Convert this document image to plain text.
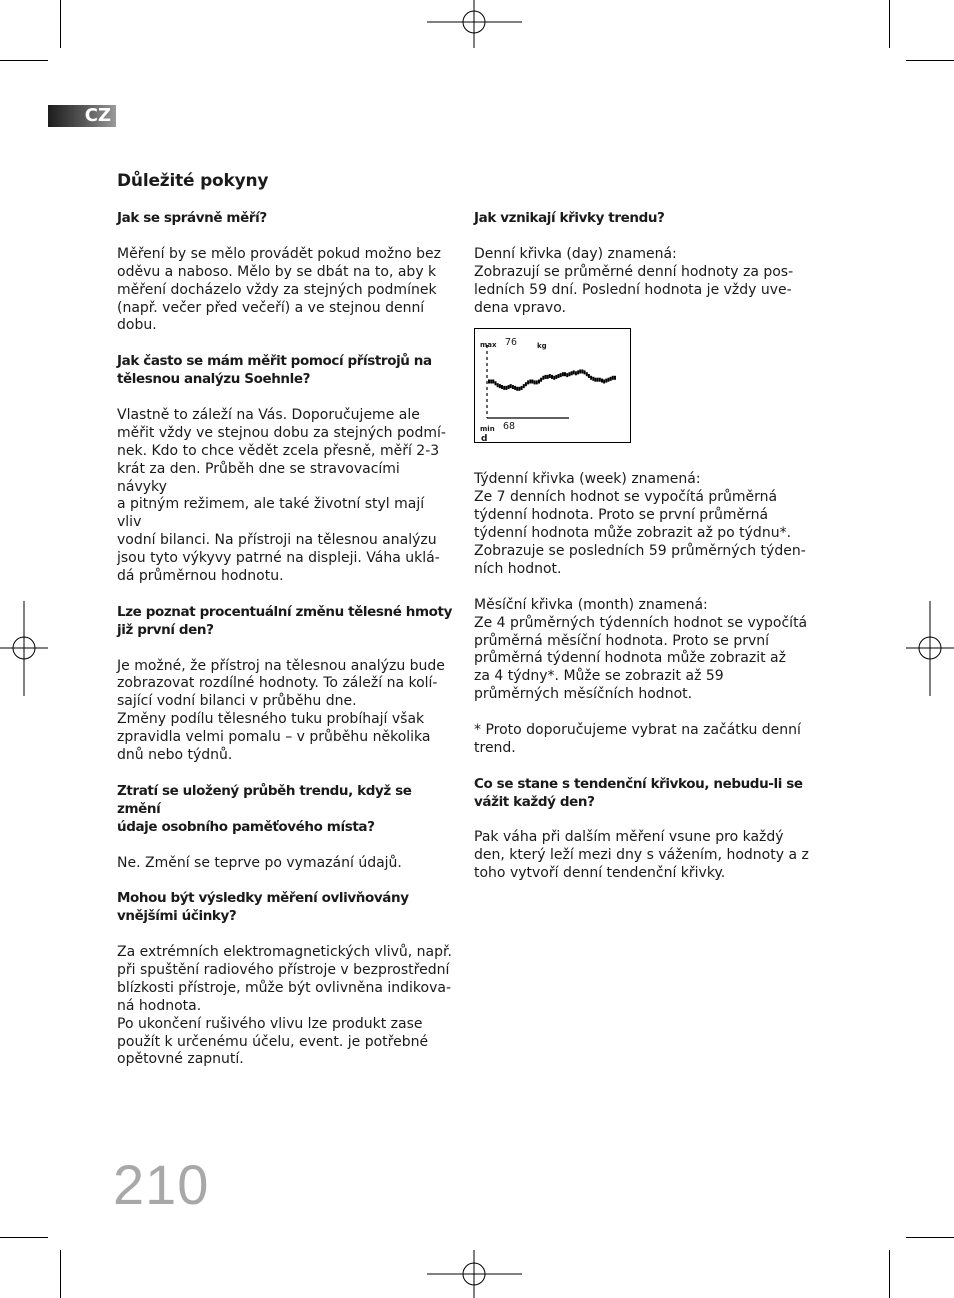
CZ
Důležité pokyny

Jak se správně měří?

Měření by se mělo provádět pokud možno bez
oděvu a naboso. Mělo by se dbát na to, aby k
měření docházelo vždy za stejných podmínek
(např. večer před večeří) a ve stejnou denní
dobu.

Jak často se mám měřit pomocí přístrojů na
tělesnou analýzu Soehnle?

Vlastně to záleží na Vás. Doporučujeme ale
měřit vždy ve stejnou dobu za stejných podmí-
nek. Kdo to chce vědět zcela přesně, měří 2-3
krát za den. Průběh dne se stravovacími návyky
a pitným režimem, ale také životní styl mají vliv
vodní bilanci. Na přístroji na tělesnou analýzu
jsou tyto výkyvy patrné na displeji. Váha uklá-
dá průměrnou hodnotu.

Lze poznat procentuální změnu tělesné hmoty
již první den?

Je možné, že přístroj na tělesnou analýzu bude
zobrazovat rozdílné hodnoty. To záleží na kolí-
sající vodní bilanci v průběhu dne.
Změny podílu tělesného tuku probíhají však
zpravidla velmi pomalu – v průběhu několika
dnů nebo týdnů.

Ztratí se uložený průběh trendu, když se změní
údaje osobního paměťového místa?

Ne. Změní se teprve po vymazání údajů.

Mohou být výsledky měření ovlivňovány
vnějšími účinky?

Za extrémních elektromagnetických vlivů, např.
při spuštění radiového přístroje v bezprostřední
blízkosti přístroje, může být ovlivněna indikova-
ná hodnota.
Po ukončení rušivého vlivu lze produkt zase
použít k určenému účelu, event. je potřebné
opětovné zapnutí.

Jak vznikají křivky trendu?

Denní křivka (day) znamená:
Zobrazují se průměrné denní hodnoty za pos-
ledních 59 dní. Poslední hodnota je vždy uve-
dena vpravo.

max 76	kg
min 68
d

Týdenní křivka (week) znamená:
Ze 7 denních hodnot se vypočítá průměrná
týdenní hodnota. Proto se první průměrná
týdenní hodnota může zobrazit až po týdnu*.
Zobrazuje se posledních 59 průměrných týden-
ních hodnot.

Měsíční křivka (month) znamená:
Ze 4 průměrných týdenních hodnot se vypočítá
průměrná měsíční hodnota. Proto se první
průměrná týdenní hodnota může zobrazit až
za 4 týdny*. Může se zobrazit až 59
průměrných měsíčních hodnot.

* Proto doporučujeme vybrat na začátku denní
trend.

Co se stane s tendenční křivkou, nebudu-li se
vážit každý den?

Pak váha při dalším měření vsune pro každý
den, který leží mezi dny s vážením, hodnoty a z
toho vytvoří denní tendenční křivky.

210
